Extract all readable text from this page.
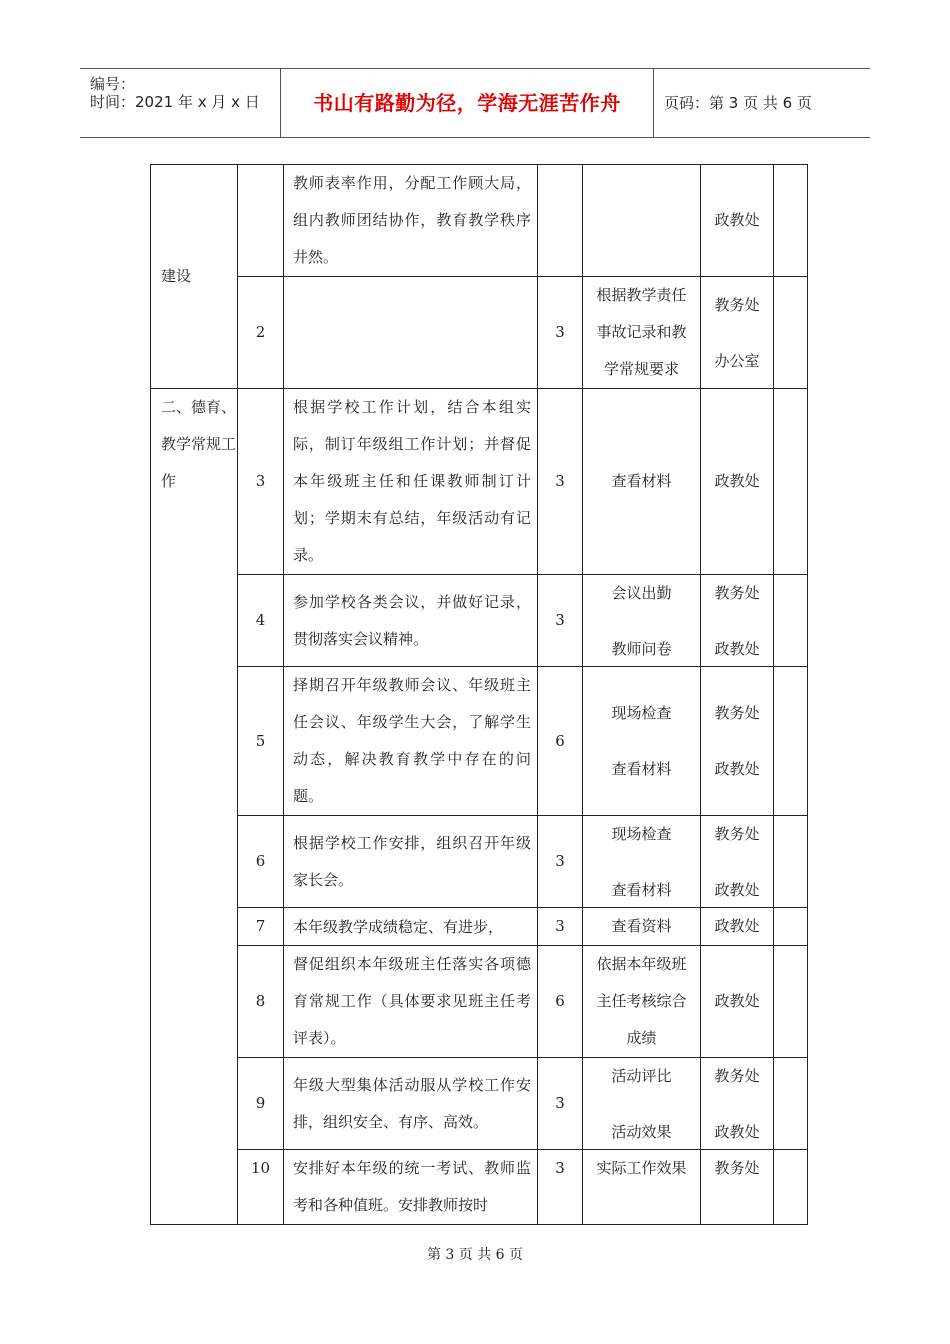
编号：
时间：2021 年 x 月 x 日	书山有路勤为径，学海无涯苦作舟	页码：第 3 页 共 6 页
建设		教师表率作用，分配工作顾大局，组内教师团结协作，教育教学秩序井然。			政教处	

	2		3	根据教学责任
事故记录和教
学常规要求	教务处
办公室	

二、德育、教学常规工作	3	根据学校工作计划，结合本组实际，制订年级组工作计划；并督促本年级班主任和任课教师制订计划；学期末有总结，年级活动有记录。	3	查看材料	政教处	

	4	参加学校各类会议，并做好记录，贯彻落实会议精神。	3	会议出勤
教师问卷	教务处
政教处	

	5	择期召开年级教师会议、年级班主任会议、年级学生大会，了解学生动态，解决教育教学中存在的问题。	6	现场检查
查看材料	教务处
政教处	

	6	根据学校工作安排，组织召开年级家长会。	3	现场检查
查看材料	教务处
政教处	

	7	本年级教学成绩稳定、有进步，	3	查看资料	政教处	

	8	督促组织本年级班主任落实各项德育常规工作（具体要求见班主任考评表）。	6	依据本年级班
主任考核综合
成绩	政教处	

	9	年级大型集体活动服从学校工作安排，组织安全、有序、高效。	3	活动评比
活动效果	教务处
政教处	

	10	安排好本年级的统一考试、教师监考和各种值班。安排教师按时	3	实际工作效果	教务处	

第 3 页 共 6 页
